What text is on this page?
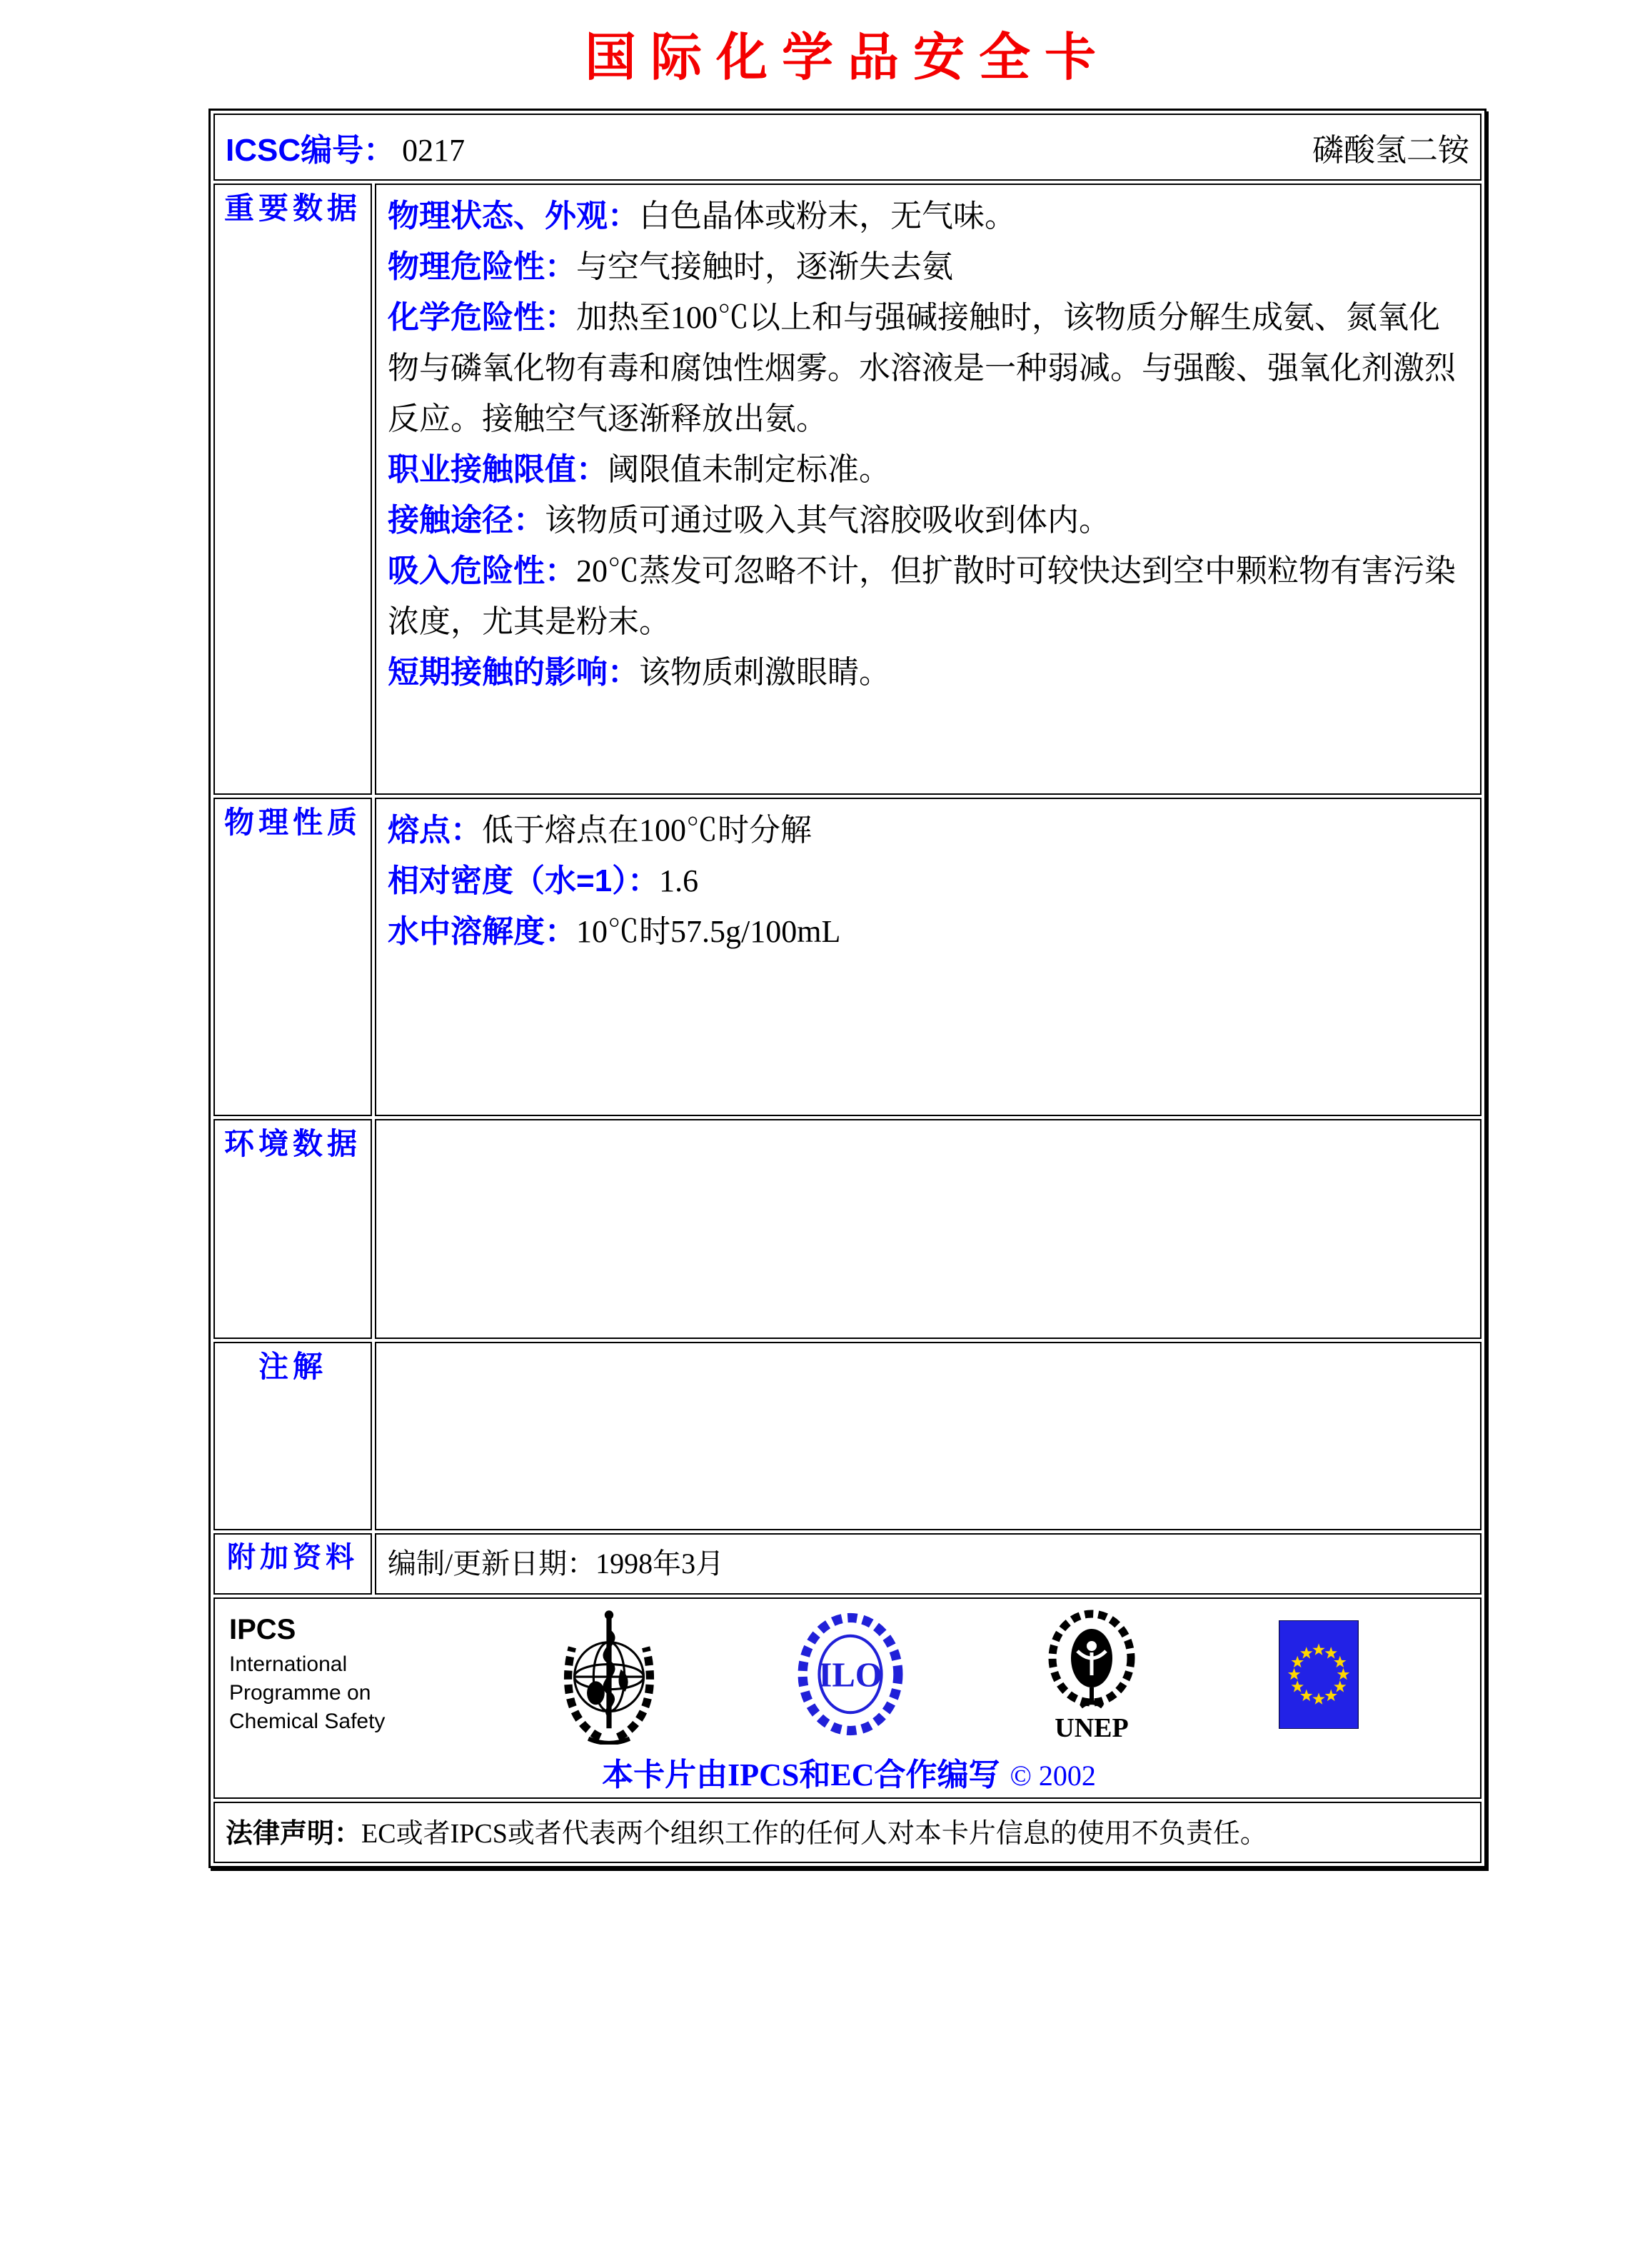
国际化学品安全卡
ICSC编号： 0217 磷酸氢二铵	

重要数据	物理状态、外观：白色晶体或粉末，无气味。

物理危险性：与空气接触时，逐渐失去氨

化学危险性：加热至100℃以上和与强碱接触时，该物质分解生成氨、氮氧化物与磷氧化物有毒和腐蚀性烟雾。水溶液是一种弱减。与强酸、强氧化剂激烈反应。接触空气逐渐释放出氨。

职业接触限值：阈限值未制定标准。

接触途径：该物质可通过吸入其气溶胶吸收到体内。

吸入危险性：20℃蒸发可忽略不计，但扩散时可较快达到空中颗粒物有害污染浓度，尤其是粉末。

短期接触的影响：该物质刺激眼睛。

物理性质	熔点：低于熔点在100℃时分解

相对密度（水=1）：1.6

水中溶解度：10℃时57.5g/100mL

环境数据	
注解	
附加资料	编制/更新日期：1998年3月

IPCS
International
Programme on
Chemical Safety
ILO
UNEP
本卡片由IPCS和EC合作编写 © 2002

法律声明： EC或者IPCS或者代表两个组织工作的任何人对本卡片信息的使用不负责任。	
